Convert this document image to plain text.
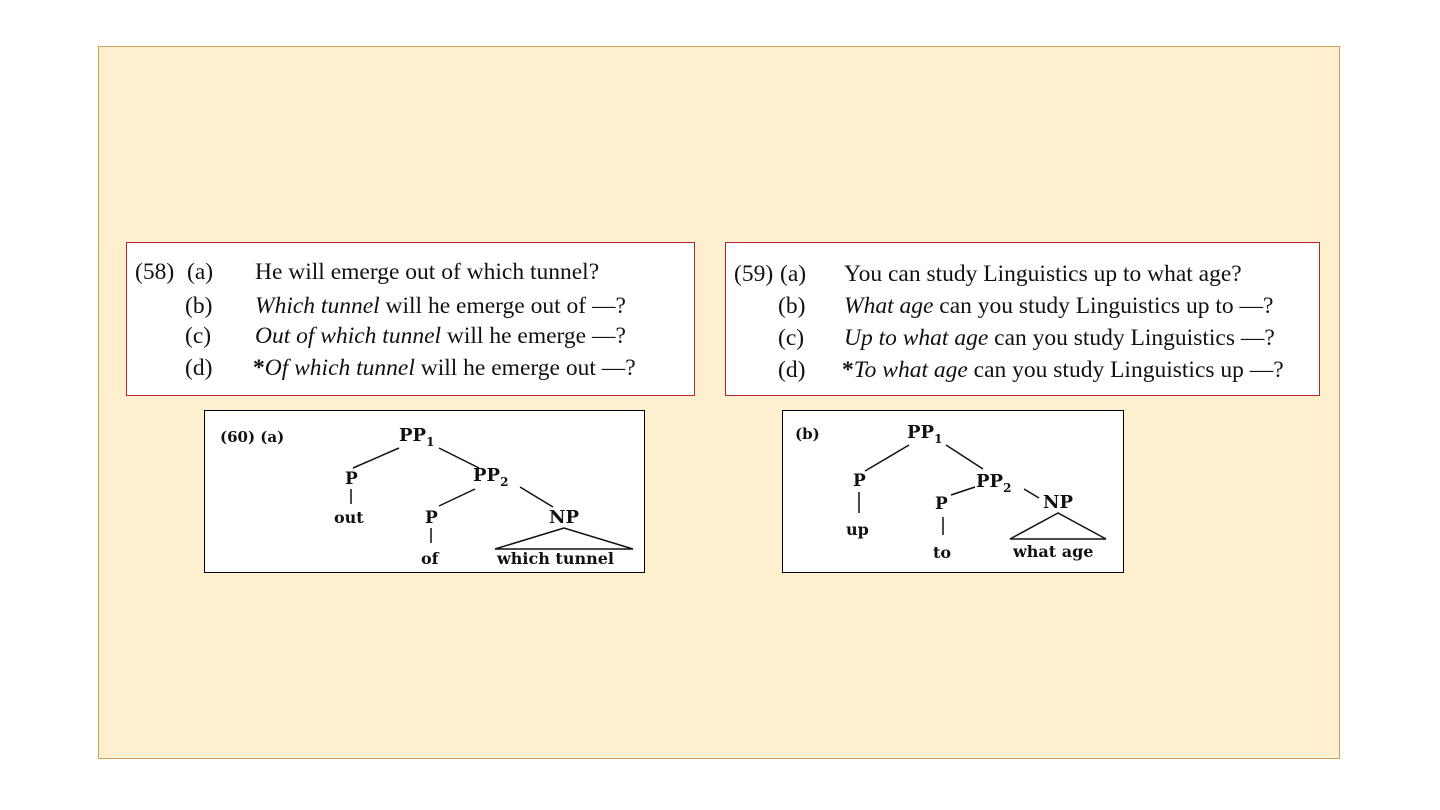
(58) (a) He will emerge out of which tunnel?
(b) Which tunnel will he emerge out of —?
(c) Out of which tunnel will he emerge —?
(d) *Of which tunnel will he emerge out —?
(59) (a) You can study Linguistics up to what age?
(b) What age can you study Linguistics up to —?
(c) Up to what age can you study Linguistics —?
(d) *To what age can you study Linguistics up —?
(60) (a)	$PP_1$
P
out
$PP_2$
P
of
NP
which tunnel
(b)	$PP_1$
P
up
$PP_2$
P
to
NP
what age
